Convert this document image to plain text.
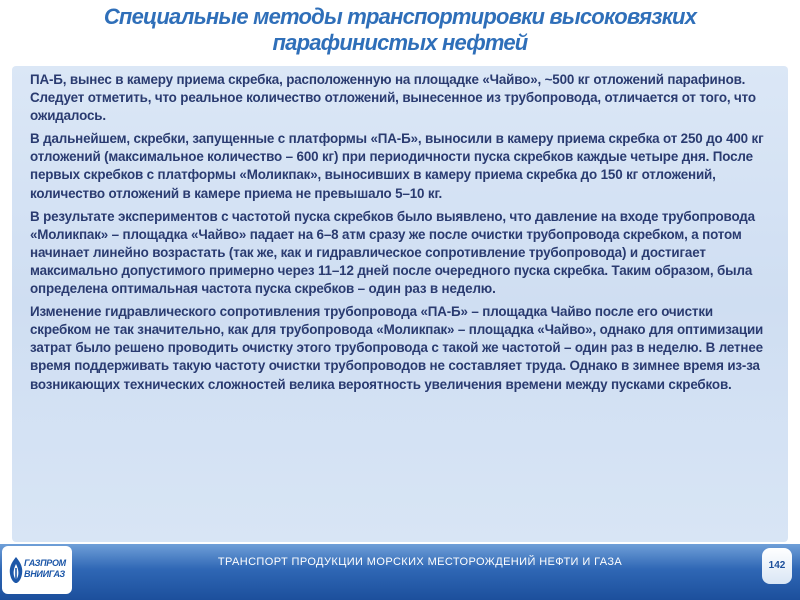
Специальные методы транспортировки высоковязких
парафинистых нефтей

ПА-Б, вынес в камеру приема скребка, расположенную на площадке «Чайво», ~500 кг отложений парафинов. Следует отметить, что реальное количество отложений, вынесенное из трубопровода, отличается от того, что ожидалось.

В дальнейшем, скребки, запущенные с платформы «ПА-Б», выносили в камеру приема скребка от 250 до 400 кг отложений (максимальное количество – 600 кг) при периодичности пуска скребков каждые четыре дня. После первых скребков с платформы «Моликпак», выносивших в камеру приема скребка до 150 кг отложений, количество отложений в камере приема не превышало 5–10 кг.

В результате экспериментов с частотой пуска скребков было выявлено, что давление на входе трубопровода «Моликпак» – площадка «Чайво» падает на 6–8 атм сразу же после очистки трубопровода скребком, а потом начинает линейно возрастать (так же, как и гидравлическое сопротивление трубопровода) и достигает максимально допустимого примерно через 11–12 дней после очередного пуска скребка. Таким образом, была определена оптимальная частота пуска скребков – один раз в неделю.

Изменение гидравлического сопротивления трубопровода «ПА-Б» – площадка Чайво после его очистки скребком не так значительно, как для трубопровода «Моликпак» – площадка «Чайво», однако для оптимизации затрат было решено проводить очистку этого трубопровода с такой же частотой – один раз в неделю. В летнее время поддерживать такую частоту очистки трубопроводов не составляет труда. Однако в зимнее время из-за возникающих технических сложностей велика вероятность увеличения времени между пусками скребков.

ГАЗПРОМ
ВНИИГАЗ
ТРАНСПОРТ ПРОДУКЦИИ МОРСКИХ МЕСТОРОЖДЕНИЙ НЕФТИ И ГАЗА	142
